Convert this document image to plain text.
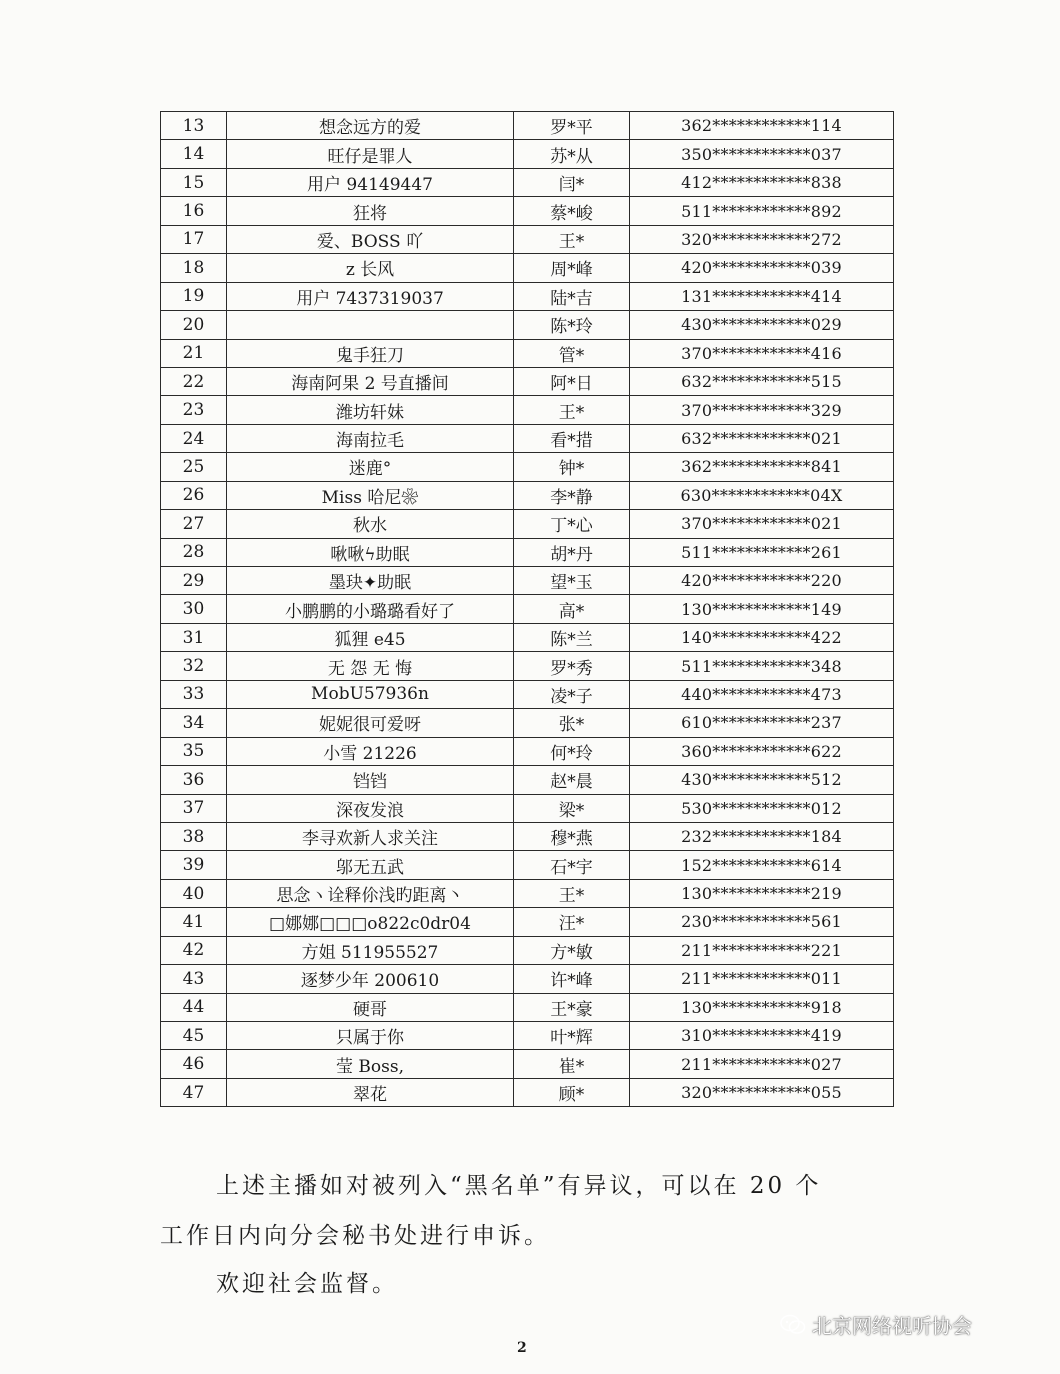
13	想念远方的爱	罗*平	362************114
14	旺仔是罪人	苏*从	350************037
15	用户 94149447	闫*	412************838
16	狂将	蔡*峻	511************892
17	爱、BOSS 吖	王*	320************272
18	z 长风	周*峰	420************039
19	用户 7437319037	陆*吉	131************414
20		陈*玲	430************029
21	鬼手狂刀	管*	370************416
22	海南阿果 2 号直播间	阿*日	632************515
23	潍坊轩妹	王*	370************329
24	海南拉毛	看*措	632************021
25	迷鹿°	钟*	362************841
26	Miss 哈尼❀	李*静	630************04X
27	秋水	丁*心	370************021
28	啾啾ϟ助眠	胡*丹	511************261
29	墨玦✦助眠	望*玉	420************220
30	小鹏鹏的小璐璐看好了	高*	130************149
31	狐狸 e45	陈*兰	140************422
32	无 怨 无 悔	罗*秀	511************348
33	MobU57936n	凌*子	440************473
34	妮妮很可爱呀	张*	610************237
35	小雪 21226	何*玲	360************622
36	铛铛	赵*晨	430************512
37	深夜发浪	梁*	530************012
38	李寻欢新人求关注	穆*燕	232************184
39	邬无五武	石*宇	152************614
40	思念ヽ诠释伱浅旳距离丶	王*	130************219
41	□娜娜□□□o822c0dr04	汪*	230************561
42	方姐 511955527	方*敏	211************221
43	逐梦少年 200610	许*峰	211************011
44	硬哥	王*豪	130************918
45	只属于你	叶*辉	310************419
46	莹 Boss,	崔*	211************027
47	翠花	顾*	320************055
上述主播如对被列入“黑名单”有异议，可以在 20 个
工作日内向分会秘书处进行申诉。
欢迎社会监督。
北京网络视听协会
2
